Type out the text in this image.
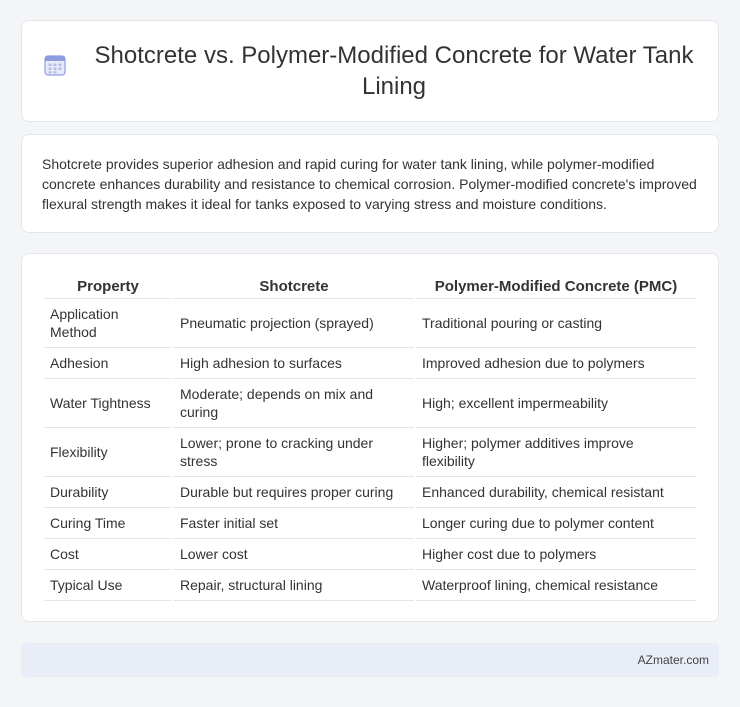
Shotcrete vs. Polymer-Modified Concrete for Water Tank Lining

Shotcrete provides superior adhesion and rapid curing for water tank lining, while polymer-modified concrete enhances durability and resistance to chemical corrosion. Polymer-modified concrete's improved flexural strength makes it ideal for tanks exposed to varying stress and moisture conditions.

Property	Shotcrete	Polymer-Modified Concrete (PMC)
Application Method	Pneumatic projection (sprayed)	Traditional pouring or casting
Adhesion	High adhesion to surfaces	Improved adhesion due to polymers
Water Tightness	Moderate; depends on mix and curing	High; excellent impermeability
Flexibility	Lower; prone to cracking under stress	Higher; polymer additives improve flexibility
Durability	Durable but requires proper curing	Enhanced durability, chemical resistant
Curing Time	Faster initial set	Longer curing due to polymer content
Cost	Lower cost	Higher cost due to polymers
Typical Use	Repair, structural lining	Waterproof lining, chemical resistance
AZmater.com
